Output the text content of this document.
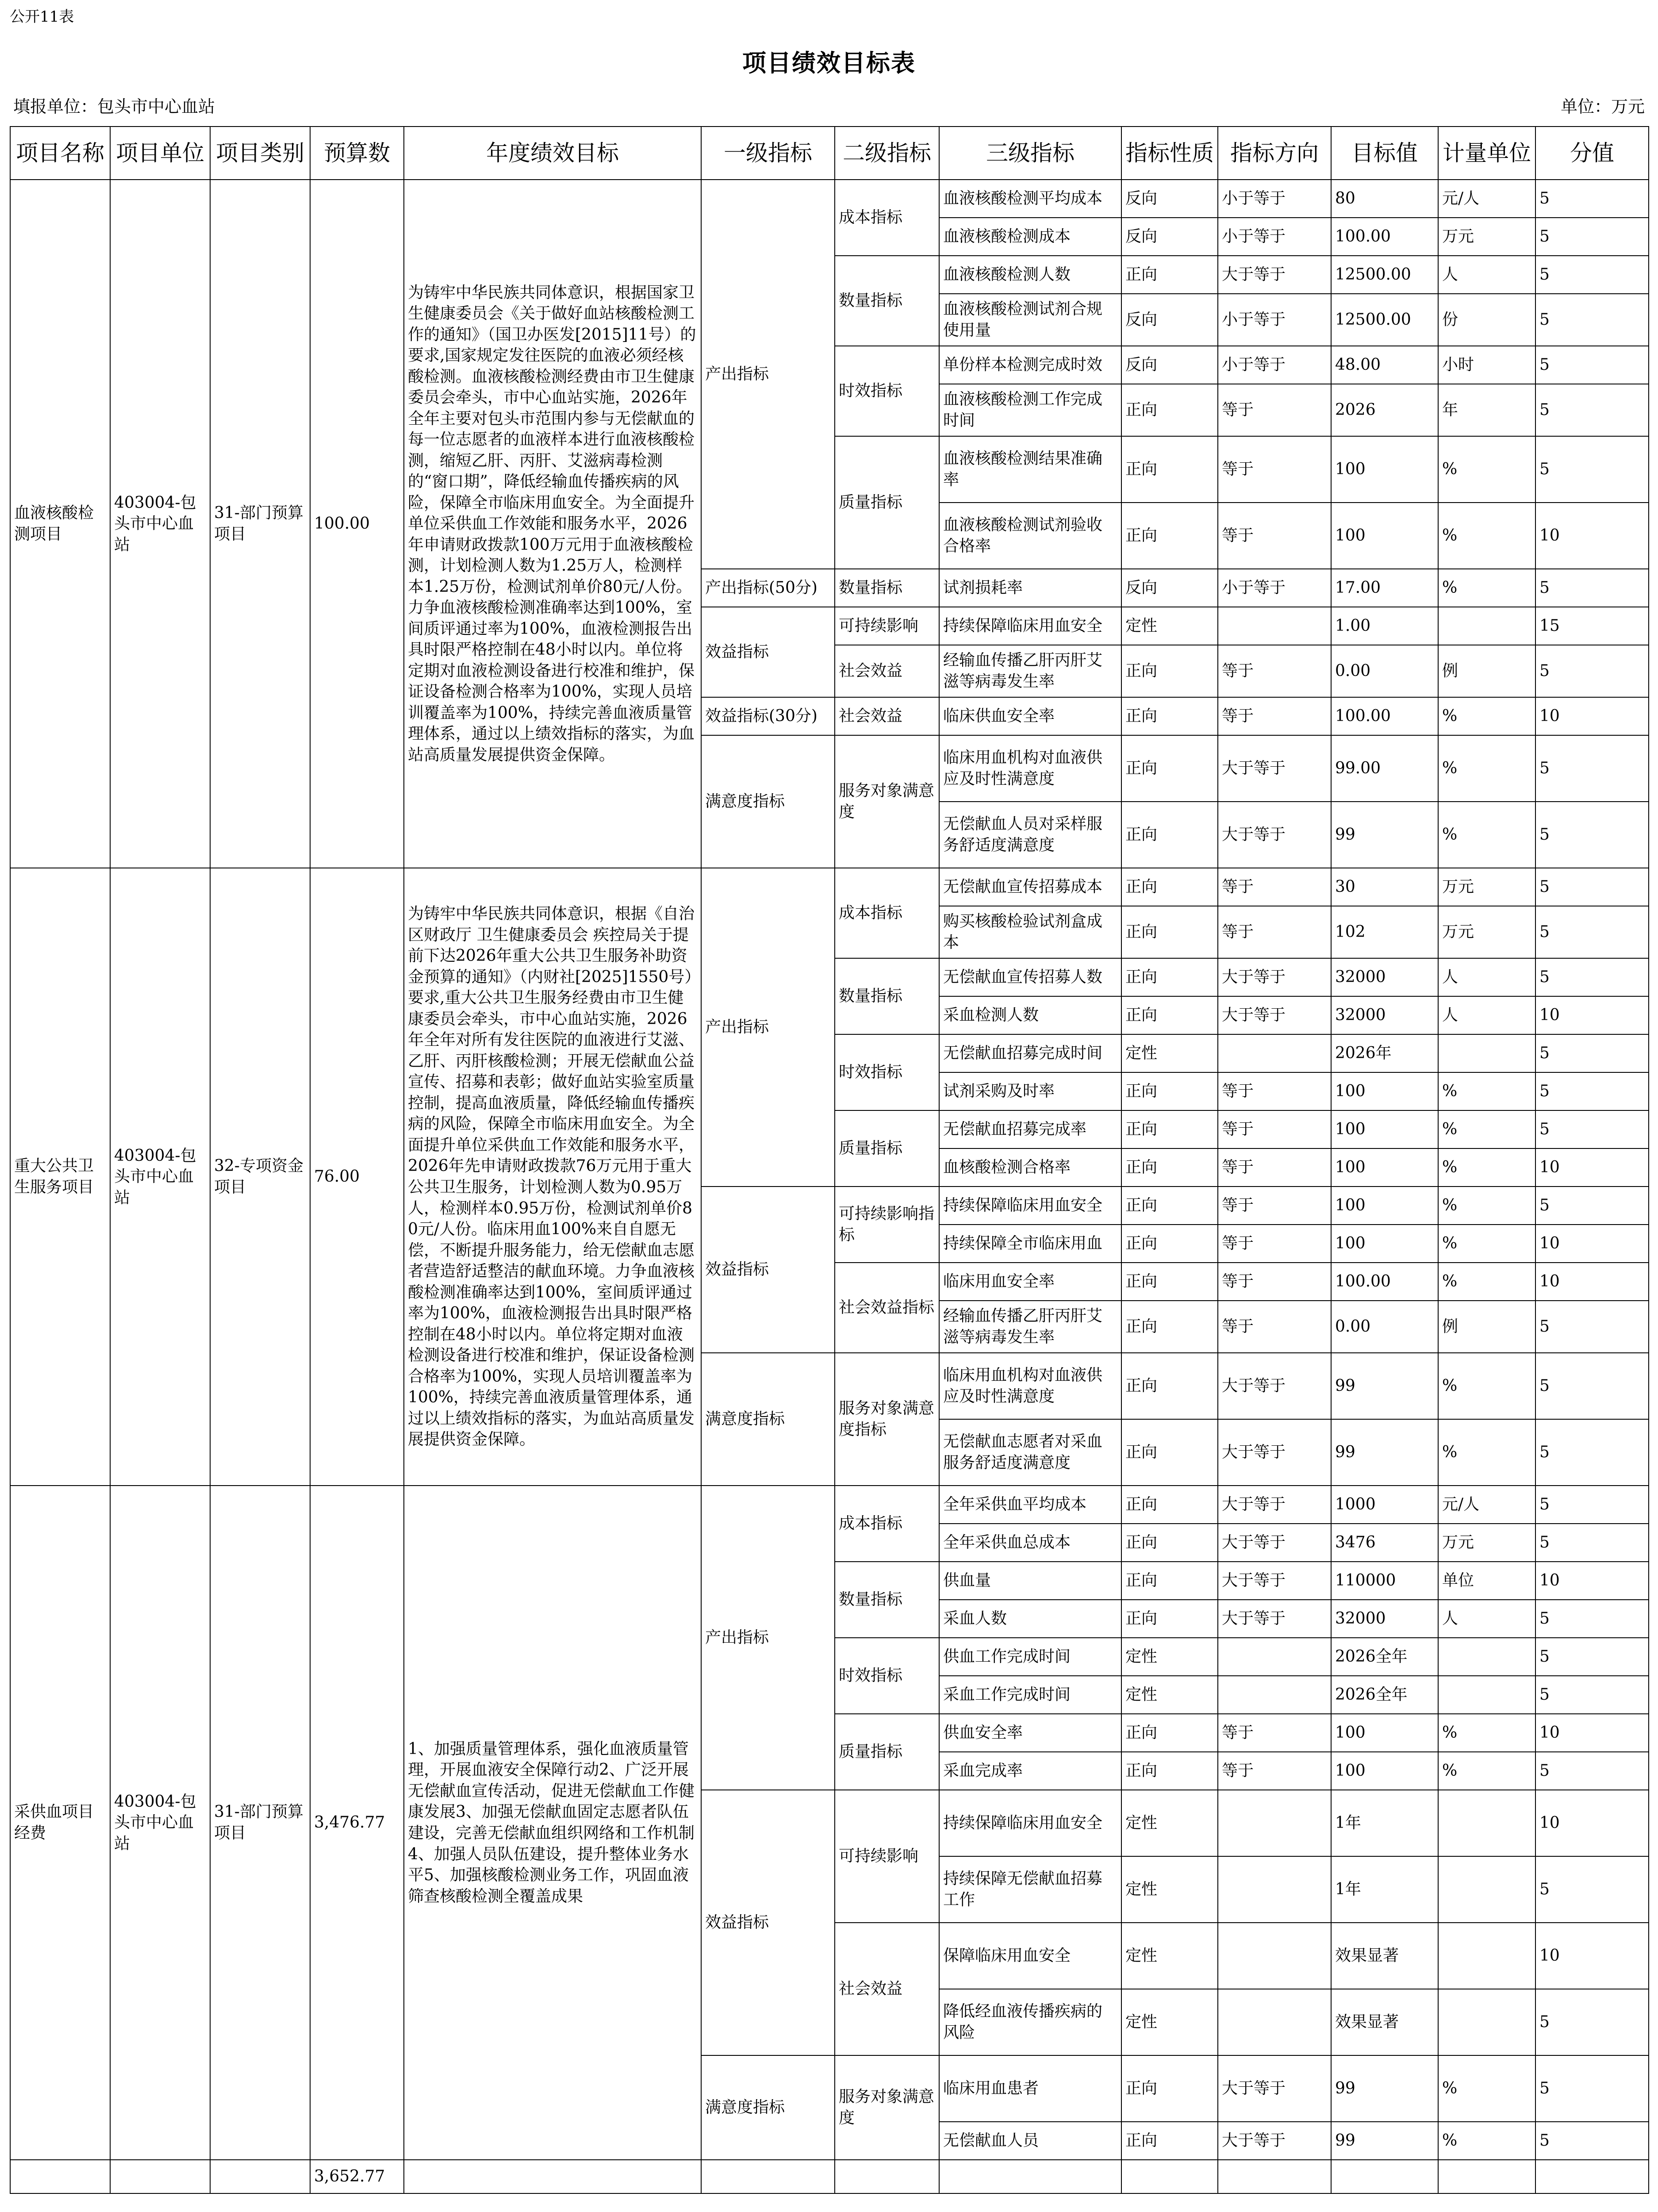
公开11表
项目绩效目标表
填报单位：包头市中心血站	单位：万元
项目名称	项目单位	项目类别	预算数	年度绩效目标	一级指标	二级指标	三级指标	指标性质	指标方向	目标值	计量单位	分值
血液核酸检测项目	403004-包头市中心血站	31-部门预算项目	100.00	为铸牢中华民族共同体意识，根据国家卫生健康委员会《关于做好血站核酸检测工作的通知》（国卫办医发[2015]11号）的要求,国家规定发往医院的血液必须经核酸检测。血液核酸检测经费由市卫生健康委员会牵头，市中心血站实施，2026年全年主要对包头市范围内参与无偿献血的每一位志愿者的血液样本进行血液核酸检测，缩短乙肝、丙肝、艾滋病毒检测的“窗口期”，降低经输血传播疾病的风险，保障全市临床用血安全。为全面提升单位采供血工作效能和服务水平，2026年申请财政拨款100万元用于血液核酸检测，计划检测人数为1.25万人，检测样本1.25万份，检测试剂单价80元/人份。力争血液核酸检测准确率达到100%，室间质评通过率为100%，血液检测报告出具时限严格控制在48小时以内。单位将定期对血液检测设备进行校准和维护，保证设备检测合格率为100%，实现人员培训覆盖率为100%，持续完善血液质量管理体系，通过以上绩效指标的落实，为血站高质量发展提供资金保障。	产出指标	成本指标	血液核酸检测平均成本	反向	小于等于	80	元/人	5
							血液核酸检测成本	反向	小于等于	100.00	万元	5
						数量指标	血液核酸检测人数	正向	大于等于	12500.00	人	5
							血液核酸检测试剂合规使用量	反向	小于等于	12500.00	份	5
						时效指标	单份样本检测完成时效	反向	小于等于	48.00	小时	5
							血液核酸检测工作完成时间	正向	等于	2026	年	5
						质量指标	血液核酸检测结果准确率	正向	等于	100	%	5
							血液核酸检测试剂验收合格率	正向	等于	100	%	10
					产出指标(50分)	数量指标	试剂损耗率	反向	小于等于	17.00	%	5
					效益指标	可持续影响	持续保障临床用血安全	定性		1.00		15
						社会效益	经输血传播乙肝丙肝艾滋等病毒发生率	正向	等于	0.00	例	5
					效益指标(30分)	社会效益	临床供血安全率	正向	等于	100.00	%	10
					满意度指标	服务对象满意度	临床用血机构对血液供应及时性满意度	正向	大于等于	99.00	%	5
							无偿献血人员对采样服务舒适度满意度	正向	大于等于	99	%	5
重大公共卫生服务项目	403004-包头市中心血站	32-专项资金项目	76.00	为铸牢中华民族共同体意识，根据《自治区财政厅 卫生健康委员会 疾控局关于提前下达2026年重大公共卫生服务补助资金预算的通知》（内财社[2025]1550号）要求,重大公共卫生服务经费由市卫生健康委员会牵头，市中心血站实施，2026年全年对所有发往医院的血液进行艾滋、乙肝、丙肝核酸检测；开展无偿献血公益宣传、招募和表彰；做好血站实验室质量控制，提高血液质量，降低经输血传播疾病的风险，保障全市临床用血安全。为全面提升单位采供血工作效能和服务水平，2026年先申请财政拨款76万元用于重大公共卫生服务，计划检测人数为0.95万人，检测样本0.95万份，检测试剂单价80元/人份。临床用血100%来自自愿无偿，不断提升服务能力，给无偿献血志愿者营造舒适整洁的献血环境。力争血液核酸检测准确率达到100%，室间质评通过率为100%，血液检测报告出具时限严格控制在48小时以内。单位将定期对血液检测设备进行校准和维护，保证设备检测合格率为100%，实现人员培训覆盖率为100%，持续完善血液质量管理体系，通过以上绩效指标的落实，为血站高质量发展提供资金保障。	产出指标	成本指标	无偿献血宣传招募成本	正向	等于	30	万元	5
							购买核酸检验试剂盒成本	正向	等于	102	万元	5
						数量指标	无偿献血宣传招募人数	正向	大于等于	32000	人	5
							采血检测人数	正向	大于等于	32000	人	10
						时效指标	无偿献血招募完成时间	定性		2026年		5
							试剂采购及时率	正向	等于	100	%	5
						质量指标	无偿献血招募完成率	正向	等于	100	%	5
							血核酸检测合格率	正向	等于	100	%	10
					效益指标	可持续影响指标	持续保障临床用血安全	正向	等于	100	%	5
							持续保障全市临床用血	正向	等于	100	%	10
						社会效益指标	临床用血安全率	正向	等于	100.00	%	10
							经输血传播乙肝丙肝艾滋等病毒发生率	正向	等于	0.00	例	5
					满意度指标	服务对象满意度指标	临床用血机构对血液供应及时性满意度	正向	大于等于	99	%	5
							无偿献血志愿者对采血服务舒适度满意度	正向	大于等于	99	%	5
采供血项目经费	403004-包头市中心血站	31-部门预算项目	3,476.77	1、加强质量管理体系，强化血液质量管理，开展血液安全保障行动2、广泛开展无偿献血宣传活动，促进无偿献血工作健康发展3、加强无偿献血固定志愿者队伍建设，完善无偿献血组织网络和工作机制4、加强人员队伍建设，提升整体业务水平5、加强核酸检测业务工作，巩固血液筛查核酸检测全覆盖成果	产出指标	成本指标	全年采供血平均成本	正向	大于等于	1000	元/人	5
							全年采供血总成本	正向	大于等于	3476	万元	5
						数量指标	供血量	正向	大于等于	110000	单位	10
							采血人数	正向	大于等于	32000	人	5
						时效指标	供血工作完成时间	定性		2026全年		5
							采血工作完成时间	定性		2026全年		5
						质量指标	供血安全率	正向	等于	100	%	10
							采血完成率	正向	等于	100	%	5
					效益指标	可持续影响	持续保障临床用血安全	定性		1年		10
							持续保障无偿献血招募工作	定性		1年		5
						社会效益	保障临床用血安全	定性		效果显著		10
							降低经血液传播疾病的风险	定性		效果显著		5
					满意度指标	服务对象满意度	临床用血患者	正向	大于等于	99	%	5
							无偿献血人员	正向	大于等于	99	%	5
			3,652.77									
